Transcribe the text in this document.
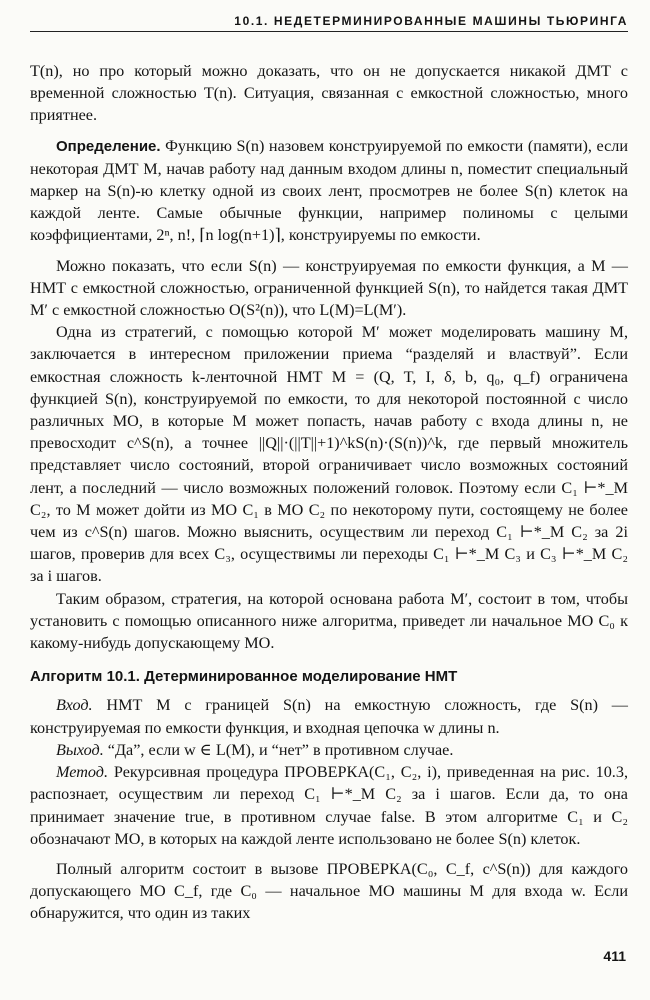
10.1. НЕДЕТЕРМИНИРОВАННЫЕ МАШИНЫ ТЬЮРИНГА

T(n), но про который можно доказать, что он не допускается никакой ДМТ с временной сложностью T(n). Ситуация, связанная с емкостной сложностью, много приятнее.

Определение. Функцию S(n) назовем конструируемой по емкости (памяти), если некоторая ДМТ M, начав работу над данным входом длины n, поместит специальный маркер на S(n)-ю клетку одной из своих лент, просмотрев не более S(n) клеток на каждой ленте. Самые обычные функции, например полиномы с целыми коэффициентами, 2ⁿ, n!, ⌈n log(n+1)⌉, конструируемы по емкости.

Можно показать, что если S(n) — конструируемая по емкости функция, а M — НМТ с емкостной сложностью, ограниченной функцией S(n), то найдется такая ДМТ M′ с емкостной сложностью O(S²(n)), что L(M)=L(M′).

Одна из стратегий, с помощью которой M′ может моделировать машину M, заключается в интересном приложении приема “разделяй и властвуй”. Если емкостная сложность k-ленточной НМТ M = (Q, T, I, δ, b, q₀, q_f) ограничена функцией S(n), конструируемой по емкости, то для некоторой постоянной c число различных МО, в которые M может попасть, начав работу с входа длины n, не превосходит c^S(n), а точнее ||Q||·(||T||+1)^kS(n)·(S(n))^k, где первый множитель представляет число состояний, второй ограничивает число возможных состояний лент, а последний — число возможных положений головок. Поэтому если C₁ ⊢*_M C₂, то M может дойти из МО C₁ в МО C₂ по некоторому пути, состоящему не более чем из c^S(n) шагов. Можно выяснить, осуществим ли переход C₁ ⊢*_M C₂ за 2i шагов, проверив для всех C₃, осуществимы ли переходы C₁ ⊢*_M C₃ и C₃ ⊢*_M C₂ за i шагов.

Таким образом, стратегия, на которой основана работа M′, состоит в том, чтобы установить с помощью описанного ниже алгоритма, приведет ли начальное МО C₀ к какому-нибудь допускающему МО.

Алгоритм 10.1. Детерминированное моделирование НМТ

Вход. НМТ M с границей S(n) на емкостную сложность, где S(n) — конструируемая по емкости функция, и входная цепочка w длины n.

Выход. “Да”, если w ∈ L(M), и “нет” в противном случае.

Метод. Рекурсивная процедура ПРОВЕРКА(C₁, C₂, i), приведенная на рис. 10.3, распознает, осуществим ли переход C₁ ⊢*_M C₂ за i шагов. Если да, то она принимает значение true, в противном случае false. В этом алгоритме C₁ и C₂ обозначают МО, в которых на каждой ленте использовано не более S(n) клеток.

Полный алгоритм состоит в вызове ПРОВЕРКА(C₀, C_f, c^S(n)) для каждого допускающего МО C_f, где C₀ — начальное МО машины M для входа w. Если обнаружится, что один из таких

411
